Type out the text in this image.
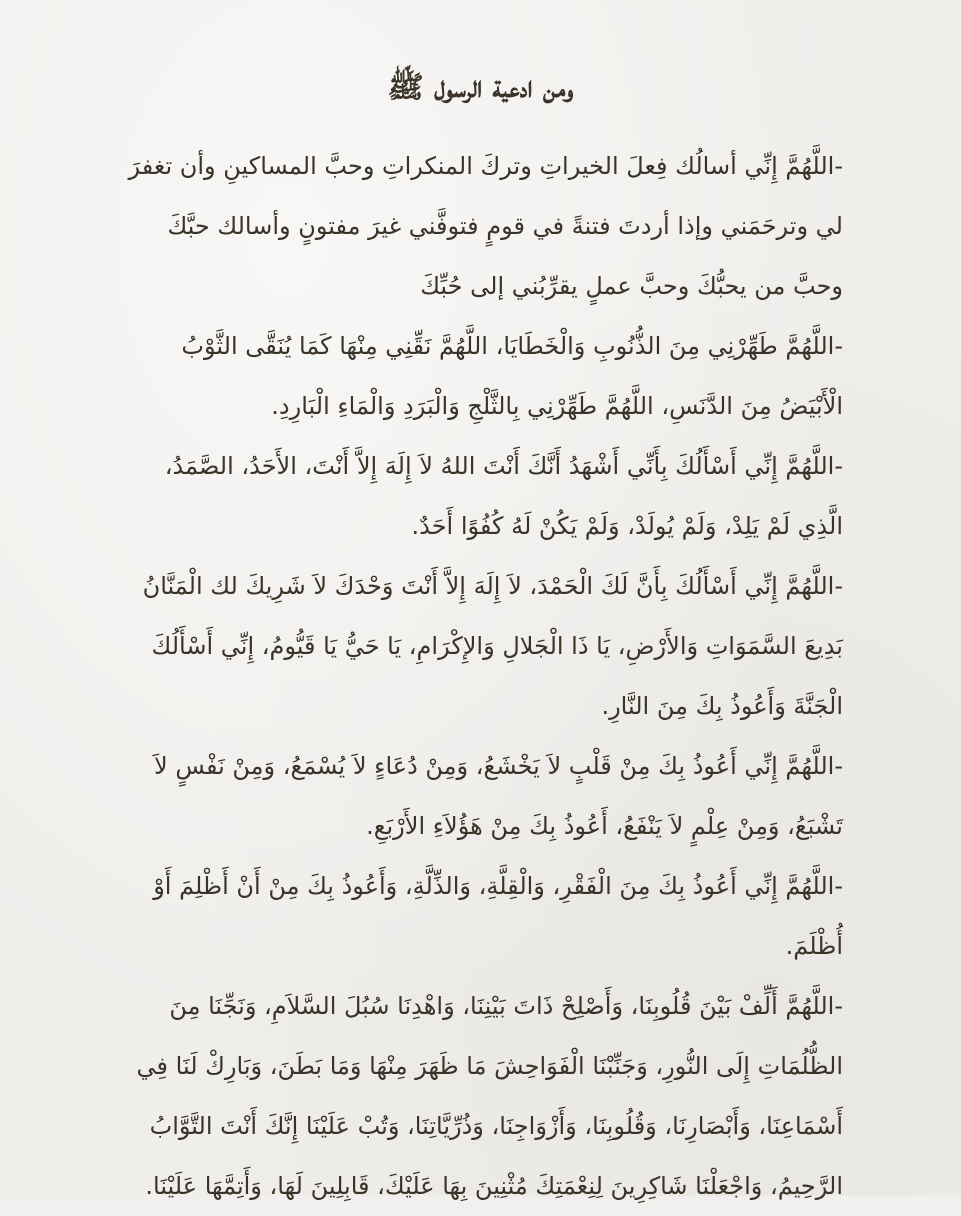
ومن ادعية الرسول ﷺ

-اللَّهُمَّ إِنِّي أسالُك فِعلَ الخيراتِ وتركَ المنكراتِ وحبَّ المساكينِ وأن تغفرَ لي وترحَمَني وإذا أردتَ فتنةً في قومٍ فتوفَّني غيرَ مفتونٍ وأسالك حبَّكَ وحبَّ من يحبُّكَ وحبَّ عملٍ يقرِّبُني إلى حُبِّكَ

-اللَّهُمَّ طَهِّرْنِي مِنَ الذُّنُوبِ وَالْخَطَايَا، اللَّهُمَّ نَقِّنِي مِنْهَا كَمَا يُنَقَّى الثَّوْبُ الْأَبْيَضُ مِنَ الدَّنَسِ، اللَّهُمَّ طَهِّرْنِي بِالثَّلْجِ وَالْبَرَدِ وَالْمَاءِ الْبَارِدِ.

-اللَّهُمَّ إِنِّي أَسْأَلُكَ بِأَنِّي أَشْهَدُ أَنَّكَ أَنْتَ اللهُ لاَ إِلَهَ إِلاَّ أَنْتَ، الأَحَدُ، الصَّمَدُ، الَّذِي لَمْ يَلِدْ، وَلَمْ يُولَدْ، وَلَمْ يَكُنْ لَهُ كُفُوًا أَحَدٌ.

-اللَّهُمَّ إِنِّي أَسْأَلُكَ بِأَنَّ لَكَ الْحَمْدَ، لاَ إِلَهَ إِلاَّ أَنْتَ وَحْدَكَ لاَ شَرِيكَ لك الْمَنَّانُ بَدِيعَ السَّمَوَاتِ وَالأَرْضِ، يَا ذَا الْجَلالِ وَالإِكْرَامِ، يَا حَيُّ يَا قَيُّومُ، إِنِّي أَسْأَلُكَ الْجَنَّةَ وَأَعُوذُ بِكَ مِنَ النَّارِ.

-اللَّهُمَّ إِنِّي أَعُوذُ بِكَ مِنْ قَلْبٍ لاَ يَخْشَعُ، وَمِنْ دُعَاءٍ لاَ يُسْمَعُ، وَمِنْ نَفْسٍ لاَ تَشْبَعُ، وَمِنْ عِلْمٍ لاَ يَنْفَعُ، أَعُوذُ بِكَ مِنْ هَؤُلاَءِ الأَرْبَعِ.

-اللَّهُمَّ إِنِّي أَعُوذُ بِكَ مِنَ الْفَقْرِ، وَالْقِلَّةِ، وَالذِّلَّةِ، وَأَعُوذُ بِكَ مِنْ أَنْ أَظْلِمَ أَوْ أُظْلَمَ.

-اللَّهُمَّ أَلِّفْ بَيْنَ قُلُوبِنَا، وَأَصْلِحْ ذَاتَ بَيْنِنَا، وَاهْدِنَا سُبُلَ السَّلاَمِ، وَنَجِّنَا مِنَ الظُّلُمَاتِ إِلَى النُّورِ، وَجَنِّبْنَا الْفَوَاحِشَ مَا ظَهَرَ مِنْهَا وَمَا بَطَنَ، وَبَارِكْ لَنَا فِي أَسْمَاعِنَا، وَأَبْصَارِنَا، وَقُلُوبِنَا، وَأَزْوَاجِنَا، وَذُرِّيَّاتِنَا، وَتُبْ عَلَيْنَا إِنَّكَ أَنْتَ التَّوَّابُ الرَّحِيمُ، وَاجْعَلْنَا شَاكِرِينَ لِنِعْمَتِكَ مُثْنِينَ بِهَا عَلَيْكَ، قَابِلِينَ لَهَا، وَأَتِمَّهَا عَلَيْنَا.
